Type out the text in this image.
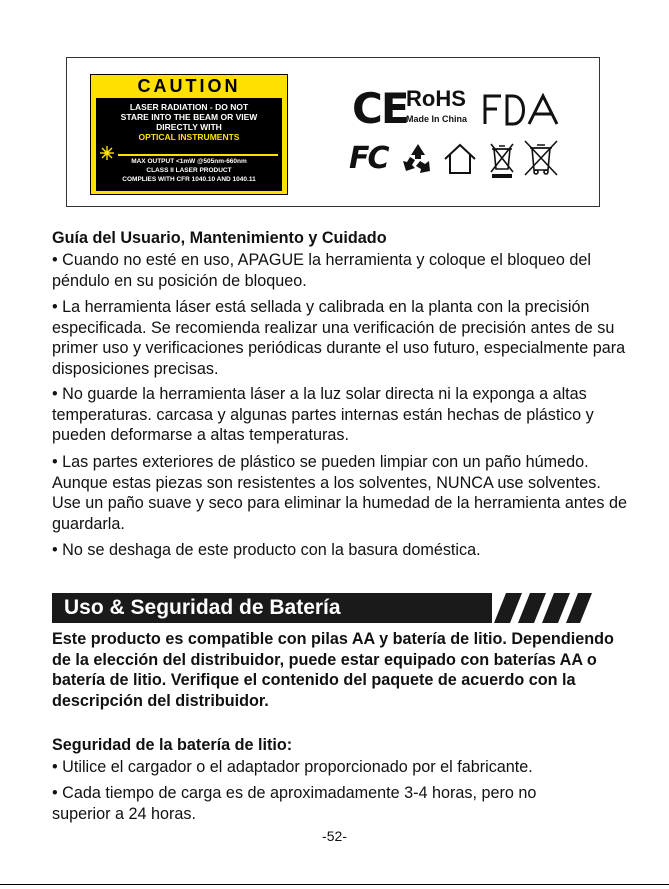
CAUTION
LASER RADIATION - DO NOT
STARE INTO THE BEAM OR VIEW
DIRECTLY WITH
OPTICAL INSTRUMENTS
MAX OUTPUT <1mW @505nm-660nm
CLASS II LASER PRODUCT
COMPLIES WITH CFR 1040.10 AND 1040.11
CE
RoHS
Made In China
FDA
FC
Guía del Usuario, Mantenimiento y Cuidado
• Cuando no esté en uso, APAGUE la herramienta y coloque el bloqueo del péndulo en su posición de bloqueo.
• La herramienta láser está sellada y calibrada en la planta con la precisión especificada. Se recomienda realizar una verificación de precisión antes de su primer uso y verificaciones periódicas durante el uso futuro, especialmente para disposiciones precisas.
• No guarde la herramienta láser a la luz solar directa ni la exponga a altas temperaturas. carcasa y algunas partes internas están hechas de plástico y pueden deformarse a altas temperaturas.
• Las partes exteriores de plástico se pueden limpiar con un paño húmedo. Aunque estas piezas son resistentes a los solventes, NUNCA use solventes. Use un paño suave y seco para eliminar la humedad de la herramienta antes de guardarla.
• No se deshaga de este producto con la basura doméstica.
Uso & Seguridad de Batería
Este producto es compatible con pilas AA y batería de litio. Dependiendo de la elección del distribuidor, puede estar equipado con baterías AA o batería de litio. Verifique el contenido del paquete de acuerdo con la descripción del distribuidor.
Seguridad de la batería de litio:
• Utilice el cargador o el adaptador proporcionado por el fabricante.
• Cada tiempo de carga es de aproximadamente 3-4 horas, pero no superior a 24 horas.
-52-
